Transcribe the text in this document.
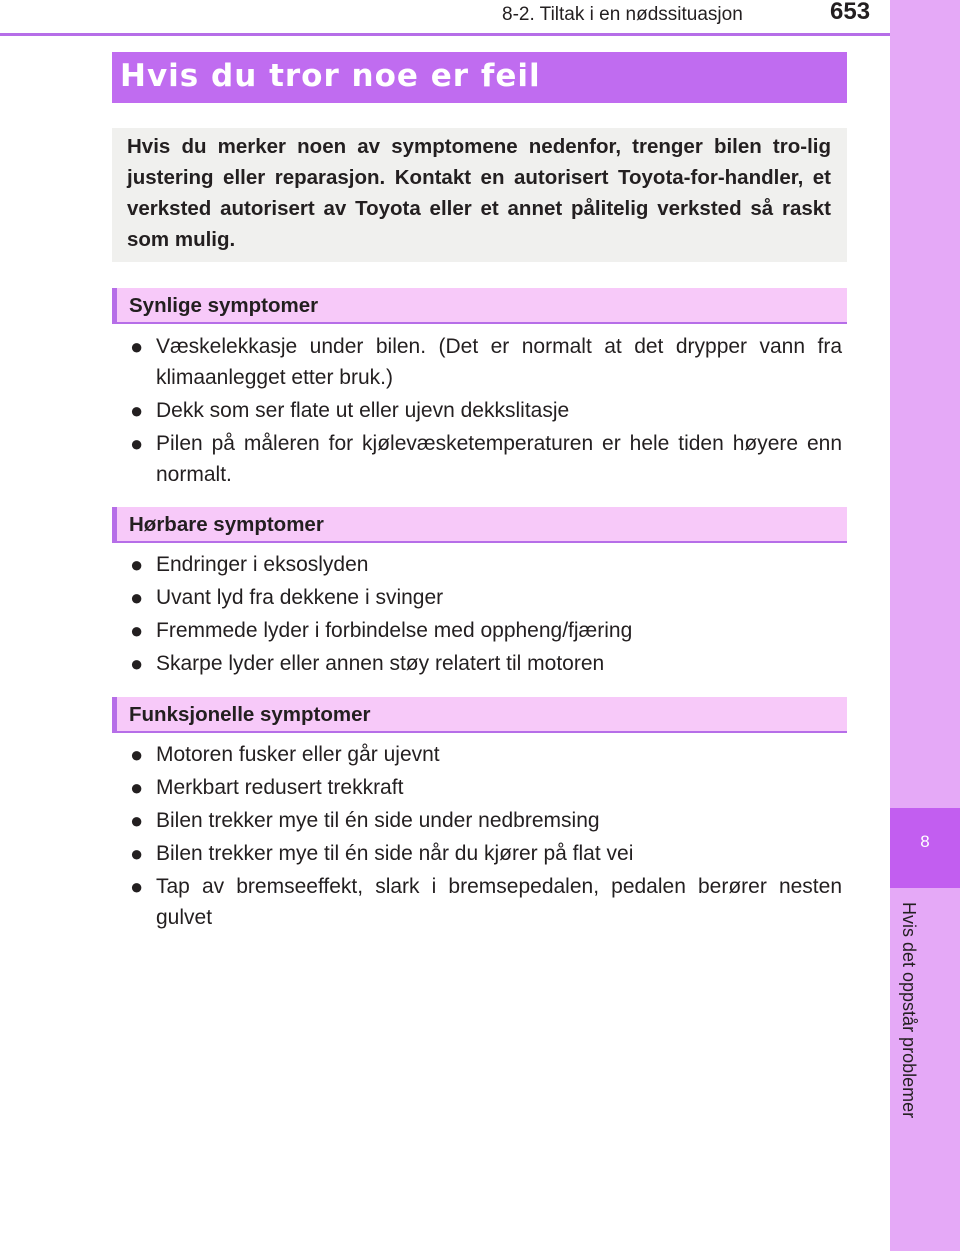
8-2. Tiltak i en nødssituasjon	653
8
Hvis det oppstår problemer
Hvis du tror noe er feil
Hvis du merker noen av symptomene nedenfor, trenger bilen tro-lig justering eller reparasjon. Kontakt en autorisert Toyota-for-handler, et verksted autorisert av Toyota eller et annet pålitelig verksted så raskt som mulig.
Synlige symptomer
● Væskelekkasje under bilen. (Det er normalt at det drypper vann fra klimaanlegget etter bruk.)
● Dekk som ser flate ut eller ujevn dekkslitasje
● Pilen på måleren for kjølevæsketemperaturen er hele tiden høyere enn normalt.
Hørbare symptomer
● Endringer i eksoslyden
● Uvant lyd fra dekkene i svinger
● Fremmede lyder i forbindelse med oppheng/fjæring
● Skarpe lyder eller annen støy relatert til motoren
Funksjonelle symptomer
● Motoren fusker eller går ujevnt
● Merkbart redusert trekkraft
● Bilen trekker mye til én side under nedbremsing
● Bilen trekker mye til én side når du kjører på flat vei
● Tap av bremseeffekt, slark i bremsepedalen, pedalen berører nesten gulvet
